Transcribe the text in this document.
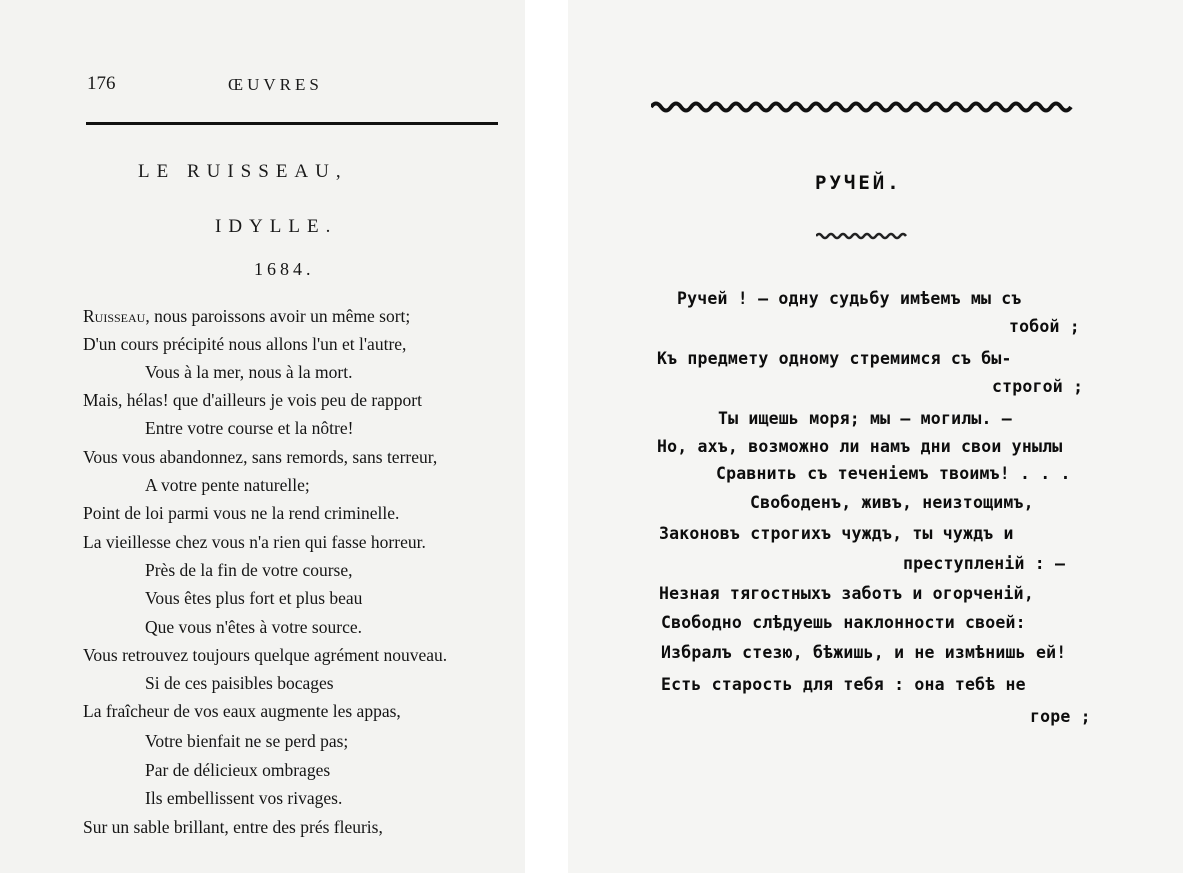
176	ŒUVRES
LE RUISSEAU,
IDYLLE.
1684.
Ruisseau, nous paroissons avoir un même sort;
D'un cours précipité nous allons l'un et l'autre,
Vous à la mer, nous à la mort.
Mais, hélas! que d'ailleurs je vois peu de rapport
Entre votre course et la nôtre!
Vous vous abandonnez, sans remords, sans terreur,
A votre pente naturelle;
Point de loi parmi vous ne la rend criminelle.
La vieillesse chez vous n'a rien qui fasse horreur.
Près de la fin de votre course,
Vous êtes plus fort et plus beau
Que vous n'êtes à votre source.
Vous retrouvez toujours quelque agrément nouveau.
Si de ces paisibles bocages
La fraîcheur de vos eaux augmente les appas,
Votre bienfait ne se perd pas;
Par de délicieux ombrages
Ils embellissent vos rivages.
Sur un sable brillant, entre des prés fleuris,
РУЧЕЙ.
Ручей ! — одну судьбу имѣемъ мы съ
тобой ;
Къ предмету одному стремимся съ бы-
строгой ;
Ты ищешь моря; мы — могилы. —
Но, ахъ, возможно ли намъ дни свои унылы
Сравнить съ теченіемъ твоимъ! . . .
Свободенъ, живъ, неизтощимъ,
Законовъ строгихъ чуждъ, ты чуждъ и
преступленій : —
Незная тягостныхъ заботъ и огорченій,
Свободно слѣдуешь наклонности своей:
Избралъ стезю, бѣжишь, и не измѣнишь ей!
Есть старость для тебя : она тебѣ не
горе ;
